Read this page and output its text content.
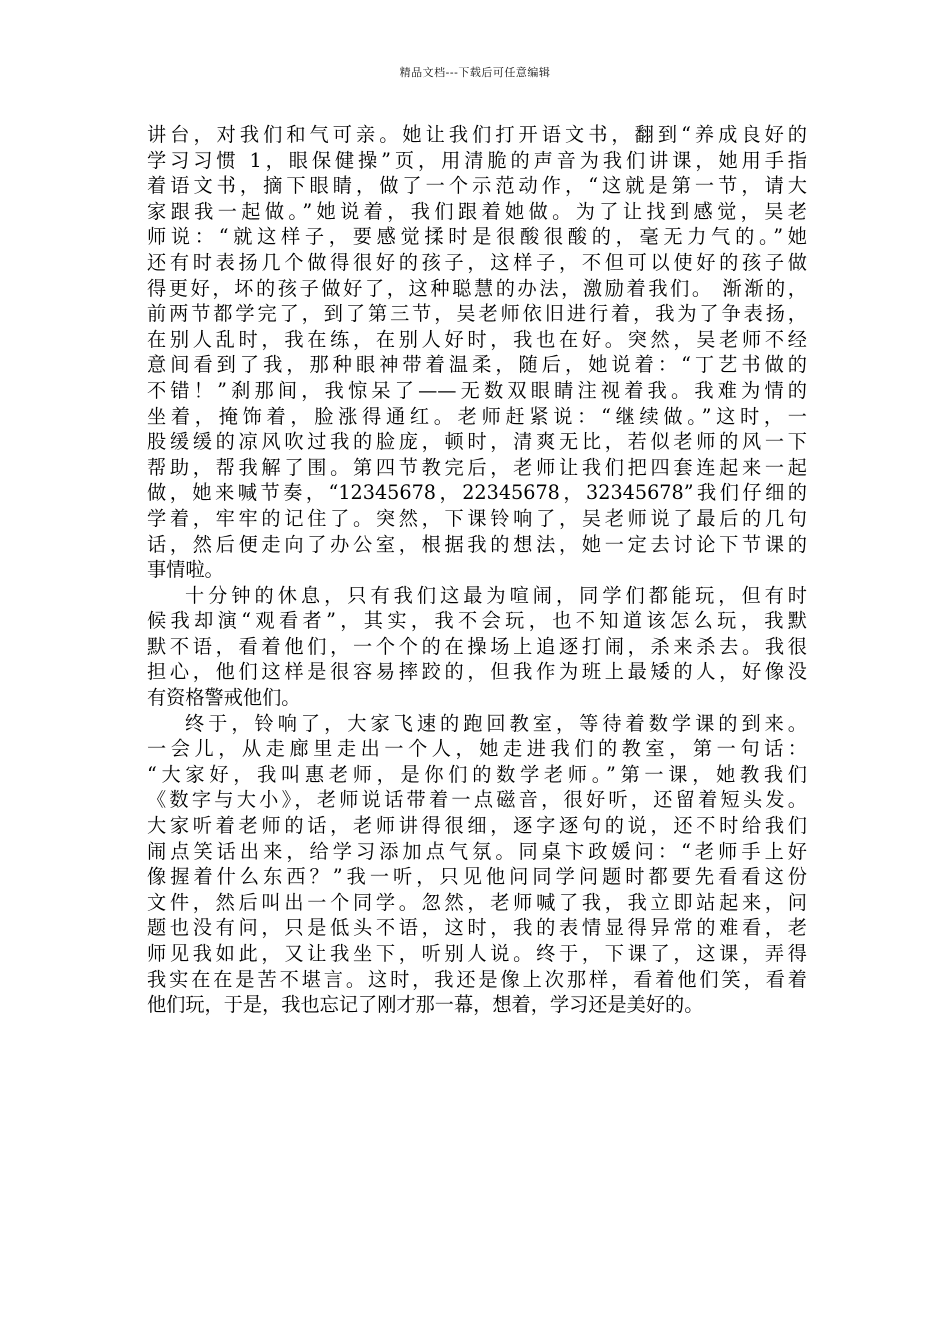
精品文档---下载后可任意编辑
讲台，对我们和气可亲。她让我们打开语文书，翻到“养成良好的
学习习惯 1，眼保健操”页，用清脆的声音为我们讲课，她用手指
着语文书，摘下眼睛，做了一个示范动作，“这就是第一节，请大
家跟我一起做。”她说着，我们跟着她做。为了让找到感觉，吴老
师说：“就这样子，要感觉揉时是很酸很酸的，毫无力气的。”她
还有时表扬几个做得很好的孩子，这样子，不但可以使好的孩子做
得更好，坏的孩子做好了，这种聪慧的办法，激励着我们。 渐渐的，
前两节都学完了，到了第三节，吴老师依旧进行着，我为了争表扬，
在别人乱时，我在练，在别人好时，我也在好。突然，吴老师不经
意间看到了我，那种眼神带着温柔，随后，她说着：“丁艺书做的
不错！”刹那间，我惊呆了——无数双眼睛注视着我。我难为情的
坐着，掩饰着，脸涨得通红。老师赶紧说：“继续做。”这时，一
股缓缓的凉风吹过我的脸庞，顿时，清爽无比，若似老师的风一下
帮助，帮我解了围。第四节教完后，老师让我们把四套连起来一起
做，她来喊节奏，“12345678，22345678，32345678”我们仔细的
学着，牢牢的记住了。突然，下课铃响了，吴老师说了最后的几句
话，然后便走向了办公室，根据我的想法，她一定去讨论下节课的
事情啦。
十分钟的休息，只有我们这最为喧闹，同学们都能玩，但有时
候我却演“观看者”，其实，我不会玩，也不知道该怎么玩，我默
默不语，看着他们，一个个的在操场上追逐打闹，杀来杀去。我很
担心，他们这样是很容易摔跤的，但我作为班上最矮的人，好像没
有资格警戒他们。
终于，铃响了，大家飞速的跑回教室，等待着数学课的到来。
一会儿，从走廊里走出一个人，她走进我们的教室，第一句话：
“大家好，我叫惠老师，是你们的数学老师。”第一课，她教我们
《数字与大小》，老师说话带着一点磁音，很好听，还留着短头发。
大家听着老师的话，老师讲得很细，逐字逐句的说，还不时给我们
闹点笑话出来，给学习添加点气氛。同桌卞政媛问：“老师手上好
像握着什么东西？”我一听，只见他问同学问题时都要先看看这份
文件，然后叫出一个同学。忽然，老师喊了我，我立即站起来，问
题也没有问，只是低头不语，这时，我的表情显得异常的难看，老
师见我如此，又让我坐下，听别人说。终于，下课了，这课，弄得
我实在在是苦不堪言。这时，我还是像上次那样，看着他们笑，看着
他们玩，于是，我也忘记了刚才那一幕，想着，学习还是美好的。
